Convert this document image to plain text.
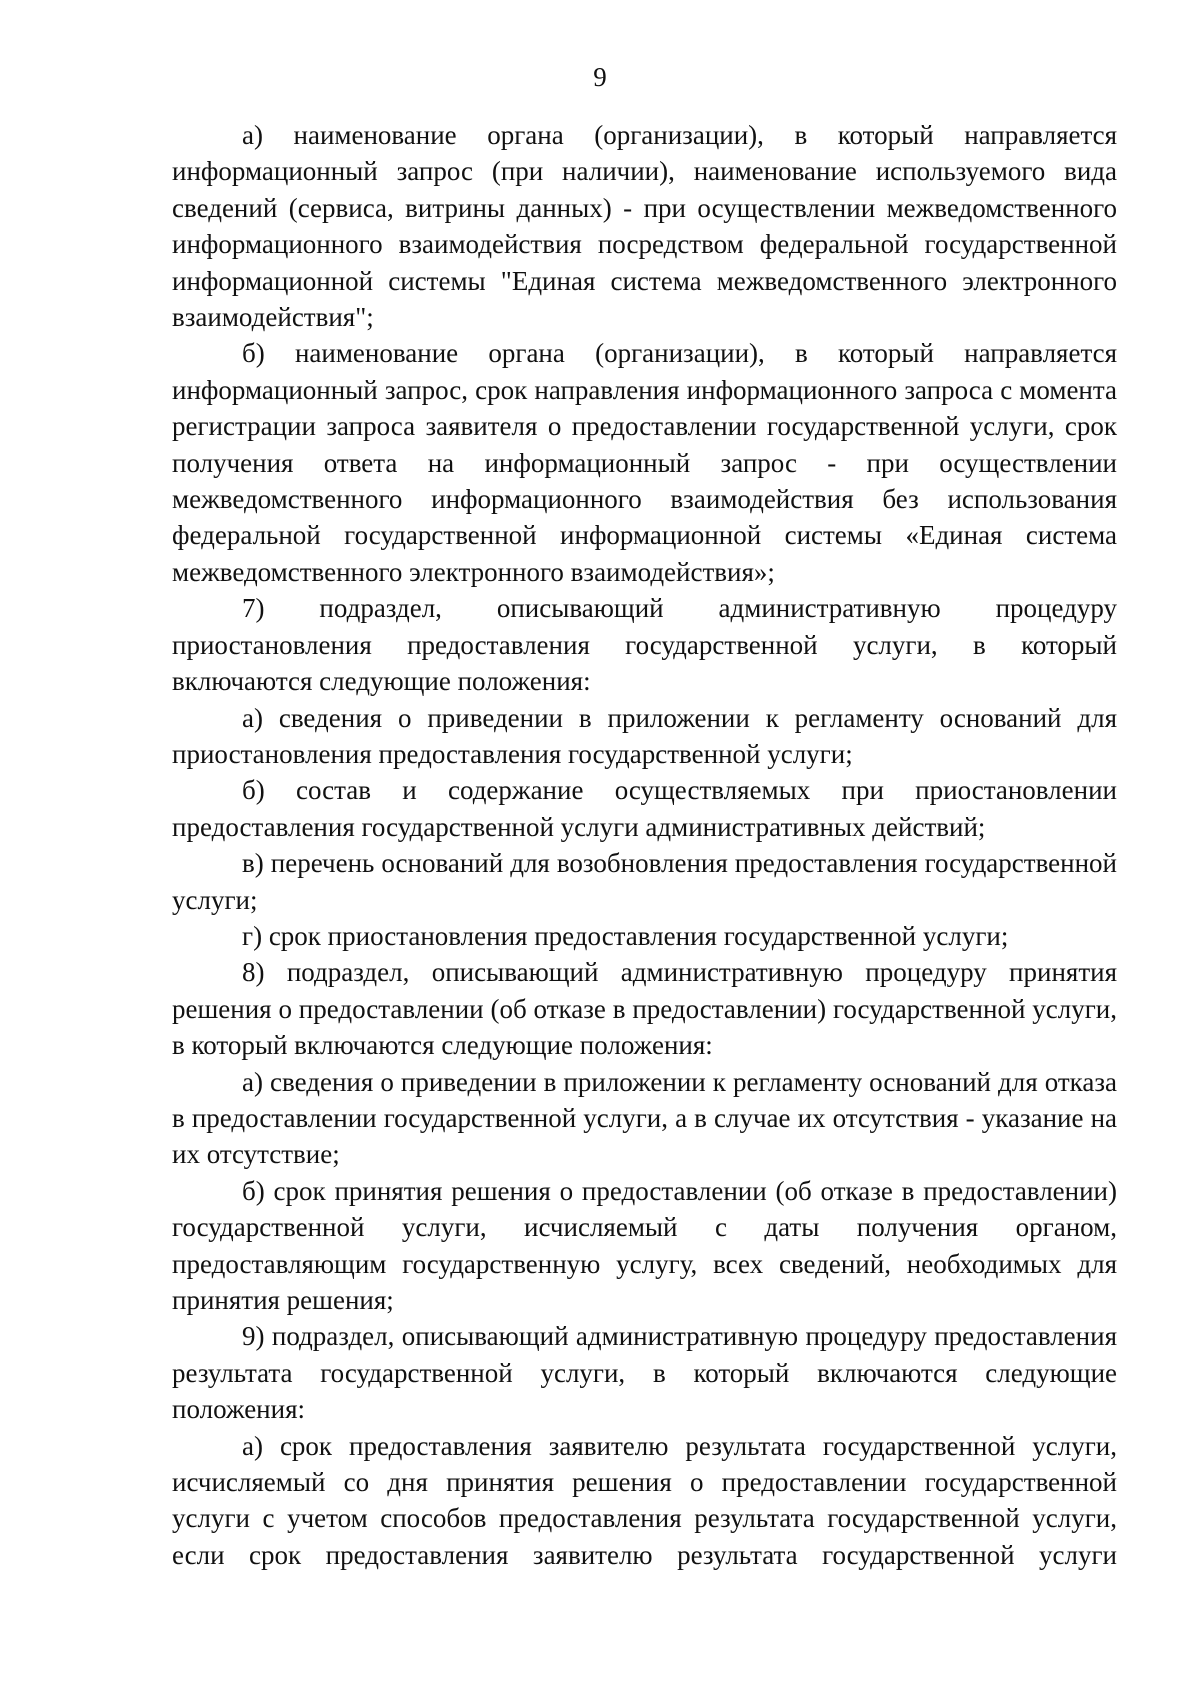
9

а) наименование органа (организации), в который направляется информационный запрос (при наличии), наименование используемого вида сведений (сервиса, витрины данных) - при осуществлении межведомственного информационного взаимодействия посредством федеральной государственной информационной системы "Единая система межведомственного электронного взаимодействия";

б) наименование органа (организации), в который направляется информационный запрос, срок направления информационного запроса с момента регистрации запроса заявителя о предоставлении государственной услуги, срок получения ответа на информационный запрос - при осуществлении межведомственного информационного взаимодействия без использования федеральной государственной информационной системы «Единая система межведомственного электронного взаимодействия»;

7) подраздел, описывающий административную процедуру приостановления предоставления государственной услуги, в который включаются следующие положения:

а) сведения о приведении в приложении к регламенту оснований для приостановления предоставления государственной услуги;

б) состав и содержание осуществляемых при приостановлении предоставления государственной услуги административных действий;

в) перечень оснований для возобновления предоставления государственной услуги;

г) срок приостановления предоставления государственной услуги;

8) подраздел, описывающий административную процедуру принятия решения о предоставлении (об отказе в предоставлении) государственной услуги, в который включаются следующие положения:

а) сведения о приведении в приложении к регламенту оснований для отказа в предоставлении государственной услуги, а в случае их отсутствия - указание на их отсутствие;

б) срок принятия решения о предоставлении (об отказе в предоставлении) государственной услуги, исчисляемый с даты получения органом, предоставляющим государственную услугу, всех сведений, необходимых для принятия решения;

9) подраздел, описывающий административную процедуру предоставления результата государственной услуги, в который включаются следующие положения:

а) срок предоставления заявителю результата государственной услуги, исчисляемый со дня принятия решения о предоставлении государственной услуги с учетом способов предоставления результата государственной услуги, если срок предоставления заявителю результата государственной услуги
